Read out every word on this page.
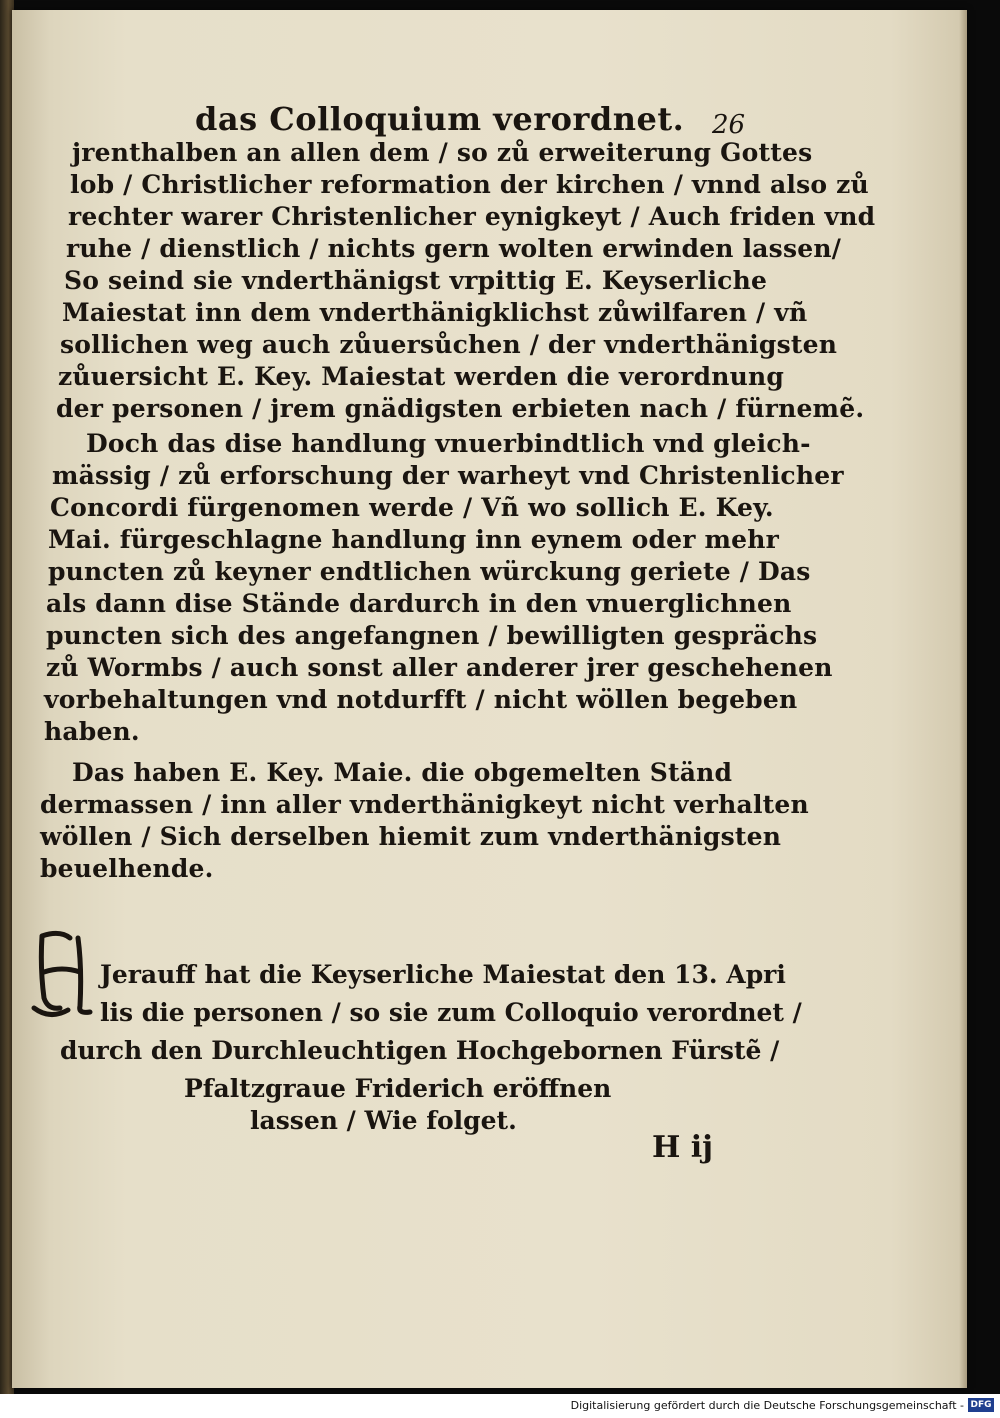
das Colloquium verordnet. 26
jrenthalben an allen dem / so zů erweiterung Gottes
lob / Christlicher reformation der kirchen / vnnd also zů
rechter warer Christenlicher eynigkeyt / Auch friden vnd
ruhe / dienstlich / nichts gern wolten erwinden lassen/
So seind sie vnderthänigst vrpittig E. Keyserliche
Maiestat inn dem vnderthänigklichst zůwilfaren / vñ
sollichen weg auch zůuersůchen / der vnderthänigsten
zůuersicht E. Key. Maiestat werden die verordnung
der personen / jrem gnädigsten erbieten nach / fürnemẽ.
Doch das dise handlung vnuerbindtlich vnd gleich-
mässig / zů erforschung der warheyt vnd Christenlicher
Concordi fürgenomen werde / Vñ wo sollich E. Key.
Mai. fürgeschlagne handlung inn eynem oder mehr
puncten zů keyner endtlichen würckung geriete / Das
als dann dise Stände dardurch in den vnuerglichnen
puncten sich des angefangnen / bewilligten gesprächs
zů Wormbs / auch sonst aller anderer jrer geschehenen
vorbehaltungen vnd notdurfft / nicht wöllen begeben
haben.
Das haben E. Key. Maie. die obgemelten Ständ
dermassen / inn aller vnderthänigkeyt nicht verhalten
wöllen / Sich derselben hiemit zum vnderthänigsten
beuelhende.
H
Jerauff hat die Keyserliche Maiestat den 13. Apri
lis die personen / so sie zum Colloquio verordnet /
durch den Durchleuchtigen Hochgebornen Fürstẽ /
Pfaltzgraue Friderich eröffnen
lassen / Wie folget.
H ij
Digitalisierung gefördert durch die Deutsche Forschungsgemeinschaft - DFG
